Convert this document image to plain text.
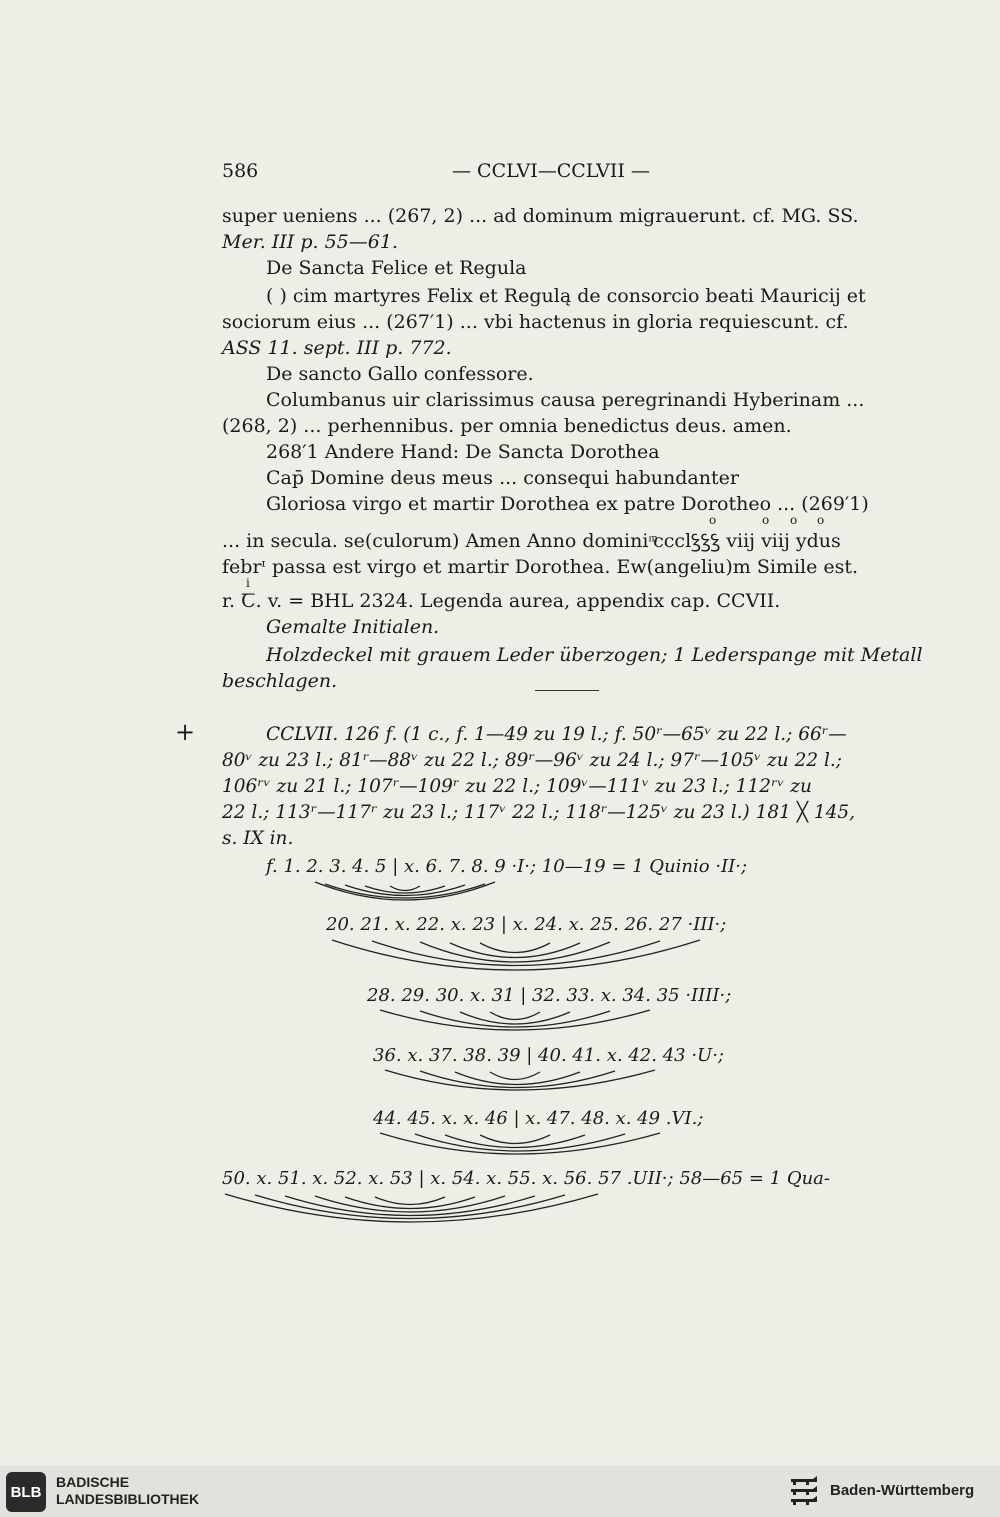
586	— CCLVI—CCLVII —
super ueniens ... (267, 2) ... ad dominum migrauerunt. cf. MG. SS.
Mer. III p. 55—61.
De Sancta Felice et Regula
( ) cim martyres Felix et Regulą de consorcio beati Mauricij et
sociorum eius ... (267′1) ... vbi hactenus in gloria requiescunt. cf.
ASS 11. sept. III p. 772.
De sancto Gallo confessore.
Columbanus uir clarissimus causa peregrinandi Hyberinam ...
(268, 2) ... perhennibus. per omnia benedictus deus. amen.
268′1 Andere Hand: De Sancta Dorothea
Cap̄ Domine deus meus ... consequi habundanter
Gloriosa virgo et martir Dorothea ex patre Dorotheo ... (269′1)
o	o o o
... in secula. se(culorum) Amen Anno domini ͫccclꝣꝣꝣ viij viij ydus
febrᶦ passa est virgo et martir Dorothea. Ew(angeliu)m Simile est.
i
r. Ꞇ. v. = BHL 2324. Legenda aurea, appendix cap. CCVII.
Gemalte Initialen.
Holzdeckel mit grauem Leder überzogen; 1 Lederspange mit Metall
beschlagen.
+	CCLVII. 126 f. (1 c., f. 1—49 zu 19 l.; f. 50ʳ—65ᵛ zu 22 l.; 66ʳ—
80ᵛ zu 23 l.; 81ʳ—88ᵛ zu 22 l.; 89ʳ—96ᵛ zu 24 l.; 97ʳ—105ᵛ zu 22 l.;
106ʳᵛ zu 21 l.; 107ʳ—109ʳ zu 22 l.; 109ᵛ—111ᵛ zu 23 l.; 112ʳᵛ zu
22 l.; 113ʳ—117ʳ zu 23 l.; 117ᵛ 22 l.; 118ʳ—125ᵛ zu 23 l.) 181 ╳ 145,
s. IX in.
f. 1. 2. 3. 4. 5 | x. 6. 7. 8. 9 ·I·; 10—19 = 1 Quinio ·II·;
20. 21. x. 22. x. 23 | x. 24. x. 25. 26. 27 ·III·;
28. 29. 30. x. 31 | 32. 33. x. 34. 35 ·IIII·;
36. x. 37. 38. 39 | 40. 41. x. 42. 43 ·U·;
44. 45. x. x. 46 | x. 47. 48. x. 49 .VI.;
50. x. 51. x. 52. x. 53 | x. 54. x. 55. x. 56. 57 .UII·; 58—65 = 1 Qua-
BLB
BADISCHE
LANDESBIBLIOTHEK	Baden-Württemberg
